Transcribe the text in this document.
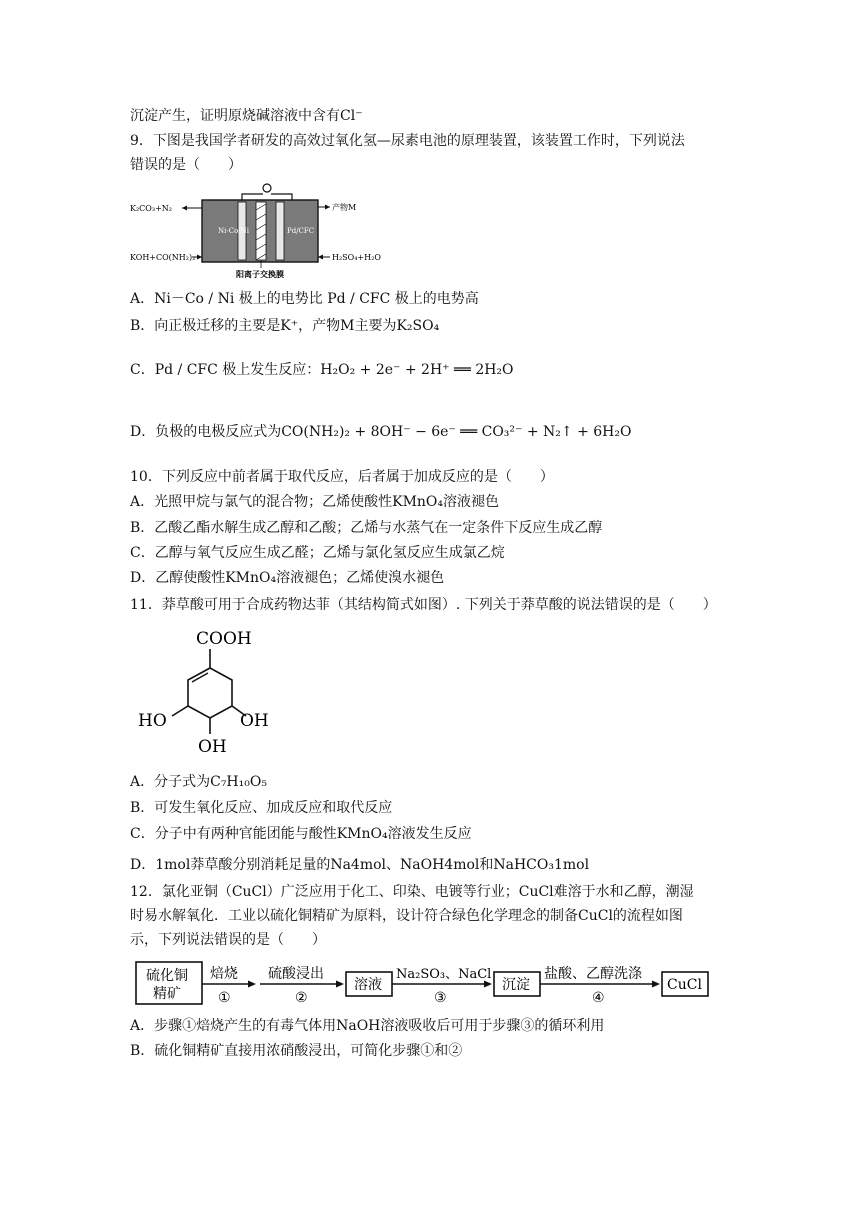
沉淀产生，证明原烧碱溶液中含有Cl⁻
9．下图是我国学者研发的高效过氧化氢—尿素电池的原理装置，该装置工作时，下列说法
错误的是（　　）
Ni-Co/Ni	Pd/CFC
K₂CO₃+N₂
KOH+CO(NH₂)₂
产物M
H₂SO₄+H₂O
阳离子交换膜
A．Ni－Co / Ni 极上的电势比 Pd / CFC 极上的电势高
B．向正极迁移的主要是K⁺，产物M主要为K₂SO₄
C．Pd / CFC 极上发生反应：H₂O₂ + 2e⁻ + 2H⁺ ══ 2H₂O
D．负极的电极反应式为CO(NH₂)₂ + 8OH⁻ − 6e⁻ ══ CO₃²⁻ + N₂↑ + 6H₂O
10．下列反应中前者属于取代反应，后者属于加成反应的是（　　）
A．光照甲烷与氯气的混合物；乙烯使酸性KMnO₄溶液褪色
B．乙酸乙酯水解生成乙醇和乙酸；乙烯与水蒸气在一定条件下反应生成乙醇
C．乙醇与氧气反应生成乙醛；乙烯与氯化氢反应生成氯乙烷
D．乙醇使酸性KMnO₄溶液褪色；乙烯使溴水褪色
11．莽草酸可用于合成药物达菲（其结构简式如图）. 下列关于莽草酸的说法错误的是（　　）
COOH
HO	OH
OH
A．分子式为C₇H₁₀O₅
B．可发生氧化反应、加成反应和取代反应
C．分子中有两种官能团能与酸性KMnO₄溶液发生反应
D．1mol莽草酸分别消耗足量的Na4mol、NaOH4mol和NaHCO₃1mol
12．氯化亚铜（CuCl）广泛应用于化工、印染、电镀等行业；CuCl难溶于水和乙醇，潮湿
时易水解氧化．工业以硫化铜精矿为原料，设计符合绿色化学理念的制备CuCl的流程如图
示，下列说法错误的是（　　）
硫化铜
精矿
焙烧
①
硫酸浸出
②
溶液
Na₂SO₃、NaCl
③
沉淀
盐酸、乙醇洗涤
④
CuCl
A．步骤①焙烧产生的有毒气体用NaOH溶液吸收后可用于步骤③的循环利用
B．硫化铜精矿直接用浓硝酸浸出，可简化步骤①和②
